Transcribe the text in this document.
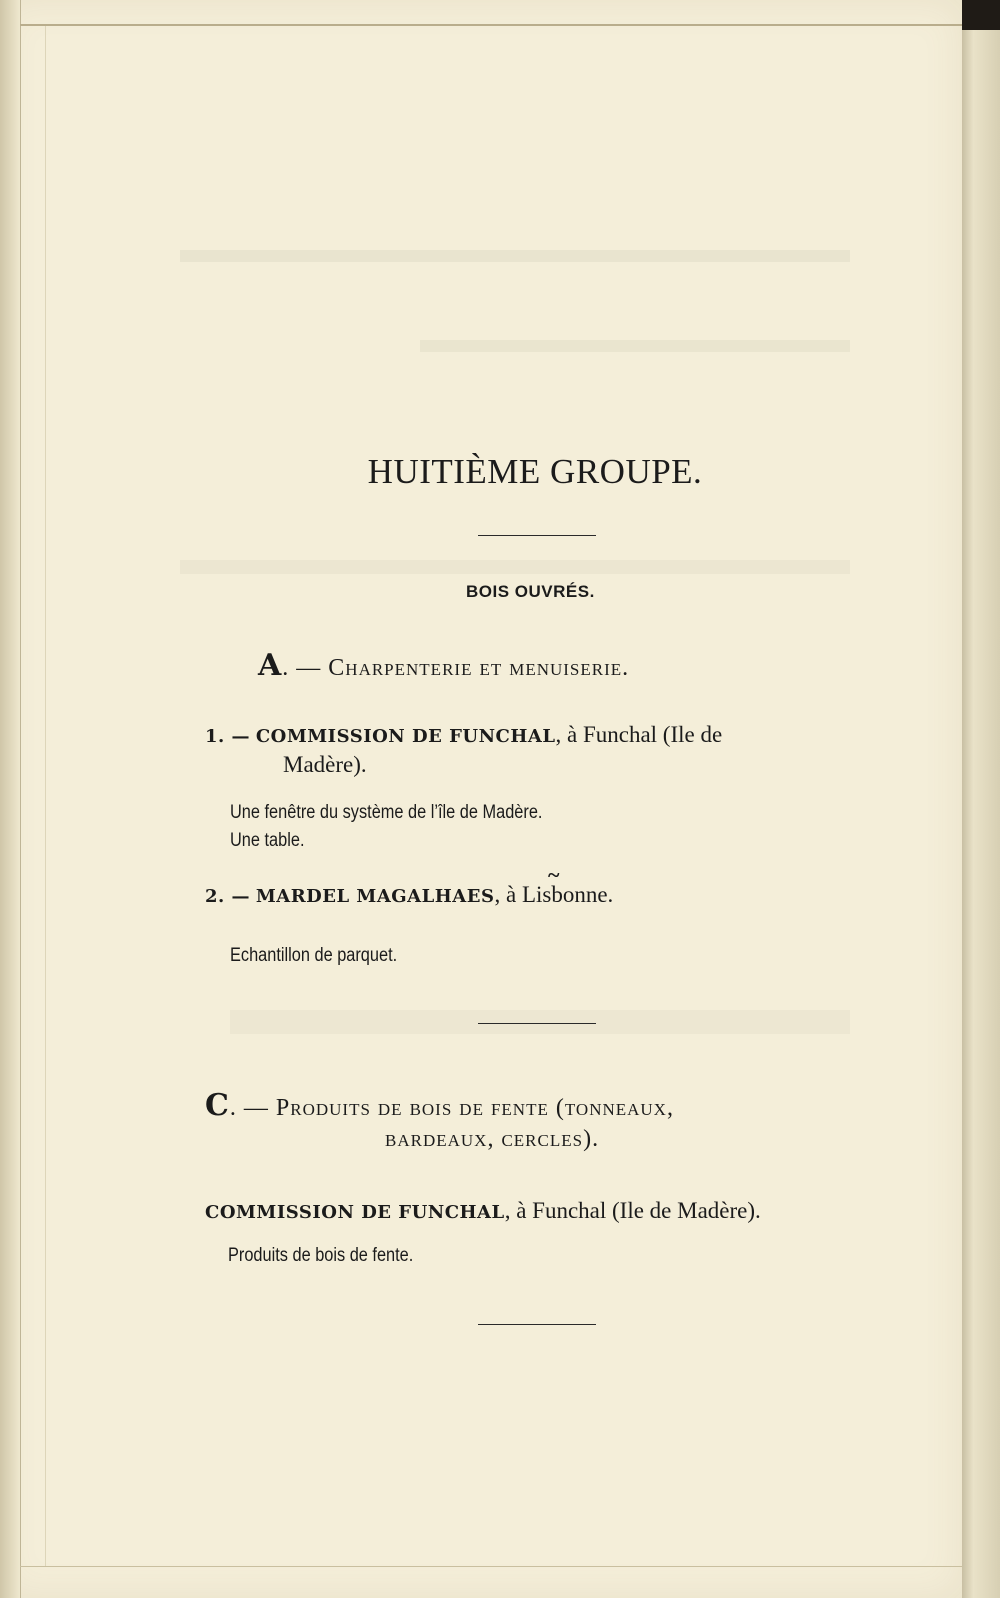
HUITIÈME GROUPE.
BOIS OUVRÉS.
A. — Charpenterie et menuiserie.
1. — COMMISSION DE FUNCHAL, à Funchal (Ile de
Madère).
Une fenêtre du système de l’île de Madère.
Une table.
~
2. — MARDEL MAGALHAES, à Lisbonne.
Echantillon de parquet.
C. — Produits de bois de fente (tonneaux,
bardeaux, cercles).
COMMISSION DE FUNCHAL, à Funchal (Ile de Madère).
Produits de bois de fente.
